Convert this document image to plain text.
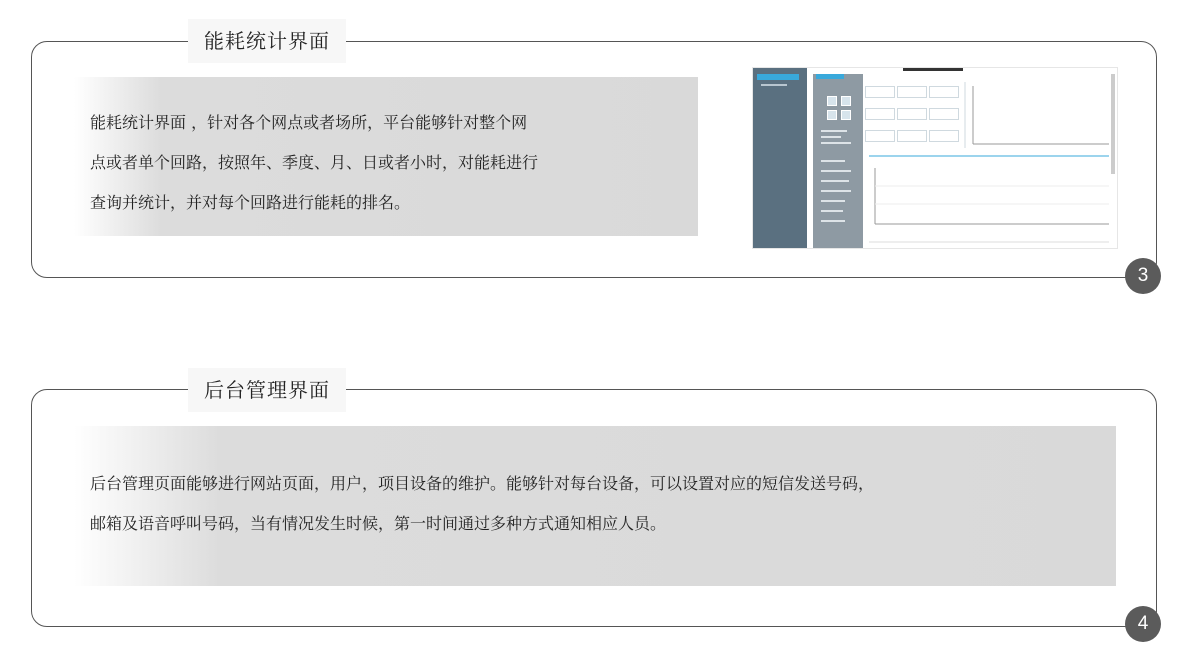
能耗统计界面

能耗统计界面 ，针对各个网点或者场所，平台能够针对整个网

点或者单个回路，按照年、季度、月、日或者小时，对能耗进行

查询并统计，并对每个回路进行能耗的排名。

3
后台管理界面

后台管理页面能够进行网站页面，用户，项目设备的维护。能够针对每台设备，可以设置对应的短信发送号码，

邮箱及语音呼叫号码，当有情况发生时候，第一时间通过多种方式通知相应人员。

4
